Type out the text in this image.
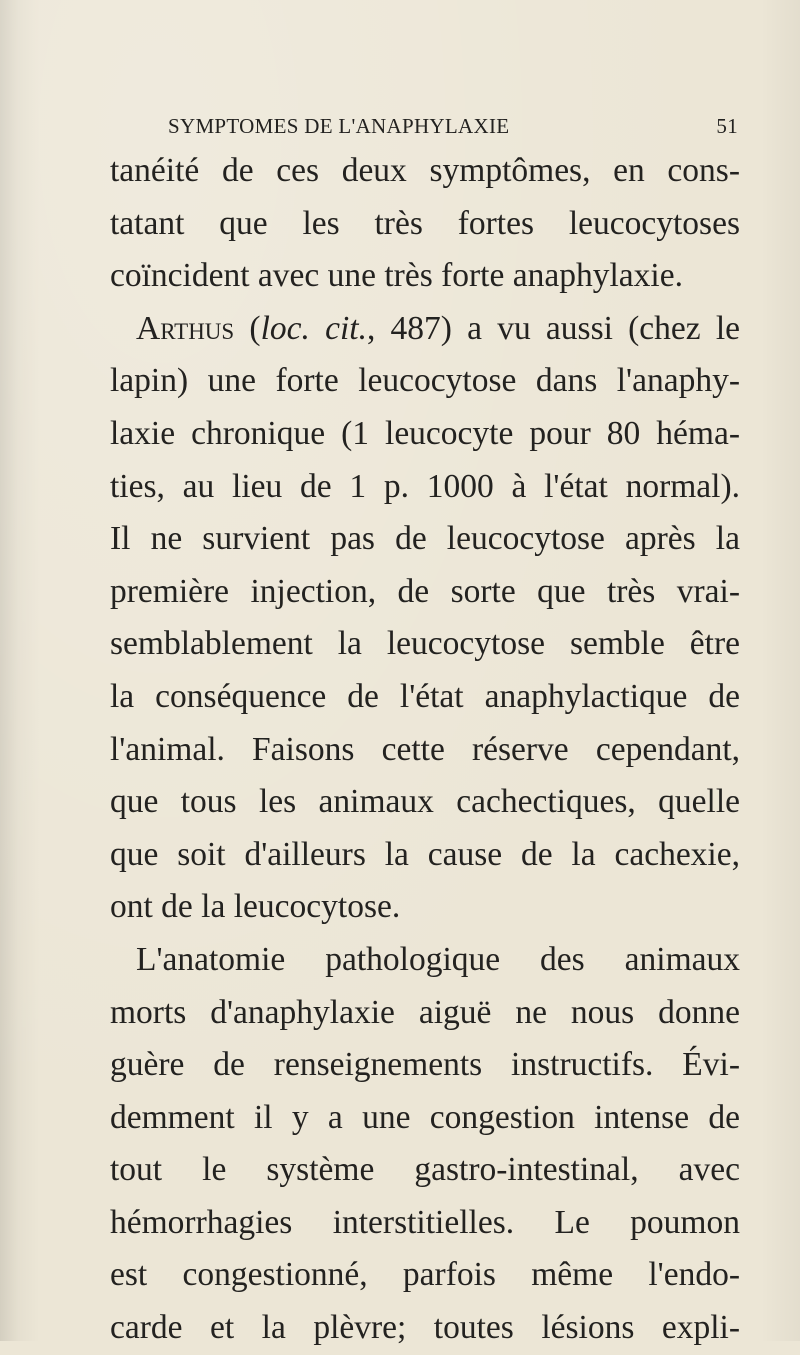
SYMPTOMES DE L'ANAPHYLAXIE	51
tanéité de ces deux symptômes, en cons-
tatant que les très fortes leucocytoses
coïncident avec une très forte anaphylaxie.
Arthus (loc. cit., 487) a vu aussi (chez le
lapin) une forte leucocytose dans l'anaphy-
laxie chronique (1 leucocyte pour 80 héma-
ties, au lieu de 1 p. 1000 à l'état normal).
Il ne survient pas de leucocytose après la
première injection, de sorte que très vrai-
semblablement la leucocytose semble être
la conséquence de l'état anaphylactique de
l'animal. Faisons cette réserve cependant,
que tous les animaux cachectiques, quelle
que soit d'ailleurs la cause de la cachexie,
ont de la leucocytose.
L'anatomie pathologique des animaux
morts d'anaphylaxie aiguë ne nous donne
guère de renseignements instructifs. Évi-
demment il y a une congestion intense de
tout le système gastro-intestinal, avec
hémorrhagies interstitielles. Le poumon
est congestionné, parfois même l'endo-
carde et la plèvre; toutes lésions expli-
